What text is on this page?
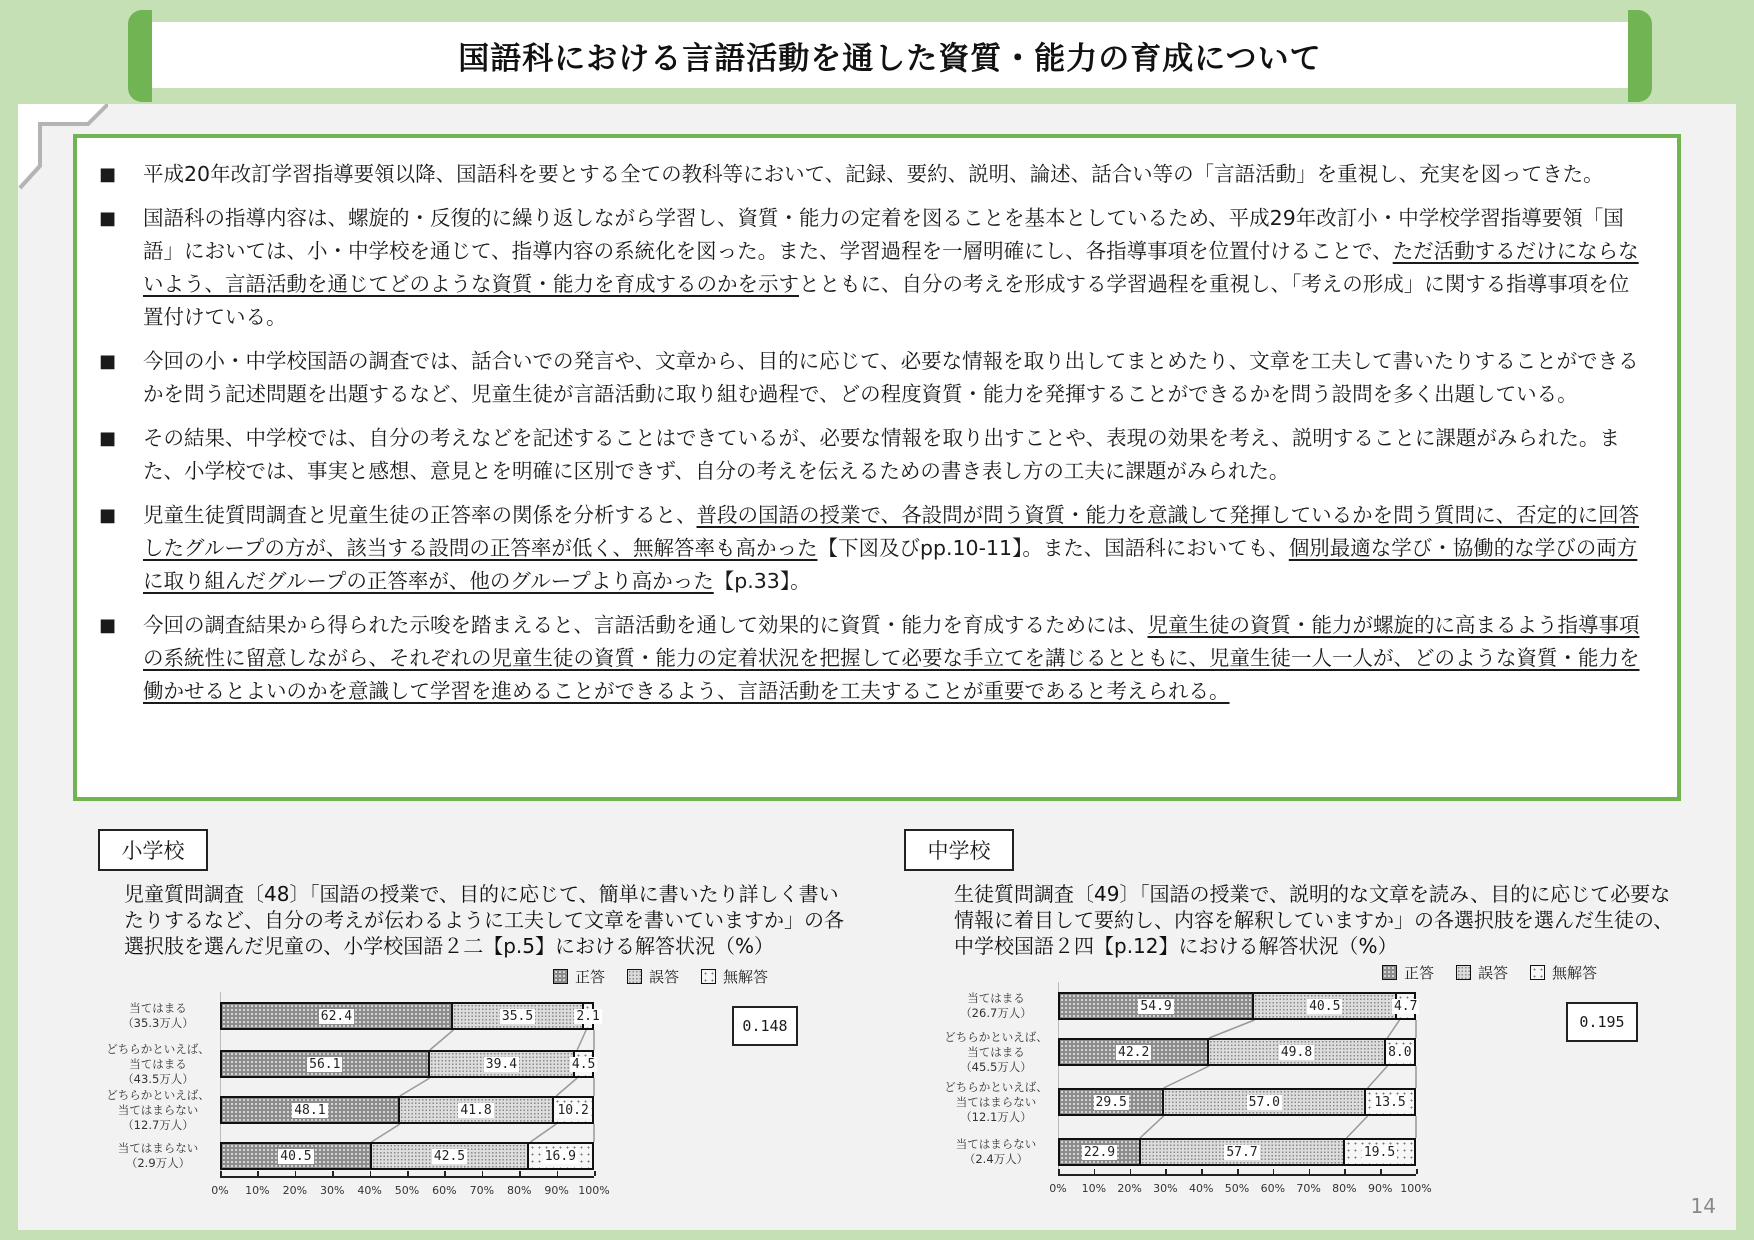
国語科における言語活動を通した資質・能力の育成について
■	平成20年改訂学習指導要領以降、国語科を要とする全ての教科等において、記録、要約、説明、論述、話合い等の「言語活動」を重視し、充実を図ってきた。
■	国語科の指導内容は、螺旋的・反復的に繰り返しながら学習し、資質・能力の定着を図ることを基本としているため、平成29年改訂小・中学校学習指導要領「国語」においては、小・中学校を通じて、指導内容の系統化を図った。また、学習過程を一層明確にし、各指導事項を位置付けることで、ただ活動するだけにならないよう、言語活動を通じてどのような資質・能力を育成するのかを示すとともに、自分の考えを形成する学習過程を重視し、「考えの形成」に関する指導事項を位置付けている。
■	今回の小・中学校国語の調査では、話合いでの発言や、文章から、目的に応じて、必要な情報を取り出してまとめたり、文章を工夫して書いたりすることができるかを問う記述問題を出題するなど、児童生徒が言語活動に取り組む過程で、どの程度資質・能力を発揮することができるかを問う設問を多く出題している。
■	その結果、中学校では、自分の考えなどを記述することはできているが、必要な情報を取り出すことや、表現の効果を考え、説明することに課題がみられた。また、小学校では、事実と感想、意見とを明確に区別できず、自分の考えを伝えるための書き表し方の工夫に課題がみられた。
■	児童生徒質問調査と児童生徒の正答率の関係を分析すると、普段の国語の授業で、各設問が問う資質・能力を意識して発揮しているかを問う質問に、否定的に回答したグループの方が、該当する設問の正答率が低く、無解答率も高かった【下図及びpp.10-11】。また、国語科においても、個別最適な学び・協働的な学びの両方に取り組んだグループの正答率が、他のグループより高かった【p.33】。
■	今回の調査結果から得られた示唆を踏まえると、言語活動を通して効果的に資質・能力を育成するためには、児童生徒の資質・能力が螺旋的に高まるよう指導事項の系統性に留意しながら、それぞれの児童生徒の資質・能力の定着状況を把握して必要な手立てを講じるとともに、児童生徒一人一人が、どのような資質・能力を働かせるとよいのかを意識して学習を進めることができるよう、言語活動を工夫することが重要であると考えられる。
小学校
児童質問調査〔48〕「国語の授業で、目的に応じて、簡単に書いたり詳しく書いたりするなど、自分の考えが伝わるように工夫して文章を書いていますか」の各選択肢を選んだ児童の、小学校国語２二【p.5】における解答状況（%）
正答	誤答	無解答
当てはまる
（35.3万人）	62.4	35.5	2.1
どちらかといえば、
当てはまる
（43.5万人）
56.1	39.4	4.5
どちらかといえば、
当てはまらない
（12.7万人）
48.1	41.8	10.2
当てはまらない
（2.9万人）	40.5	42.5	16.9
0% 10% 20% 30% 40% 50% 60% 70% 80% 90% 100%
0.148
中学校
生徒質問調査〔49〕「国語の授業で、説明的な文章を読み、目的に応じて必要な情報に着目して要約し、内容を解釈していますか」の各選択肢を選んだ生徒の、中学校国語２四【p.12】における解答状況（%）
正答	誤答	無解答
当てはまる
（26.7万人）	54.9	40.5	4.7
どちらかといえば、
当てはまる
（45.5万人）
42.2	49.8	8.0
どちらかといえば、
当てはまらない
（12.1万人）
29.5	57.0	13.5
当てはまらない
（2.4万人）	22.9	57.7	19.5
0% 10% 20% 30% 40% 50% 60% 70% 80% 90% 100%
0.195
14
